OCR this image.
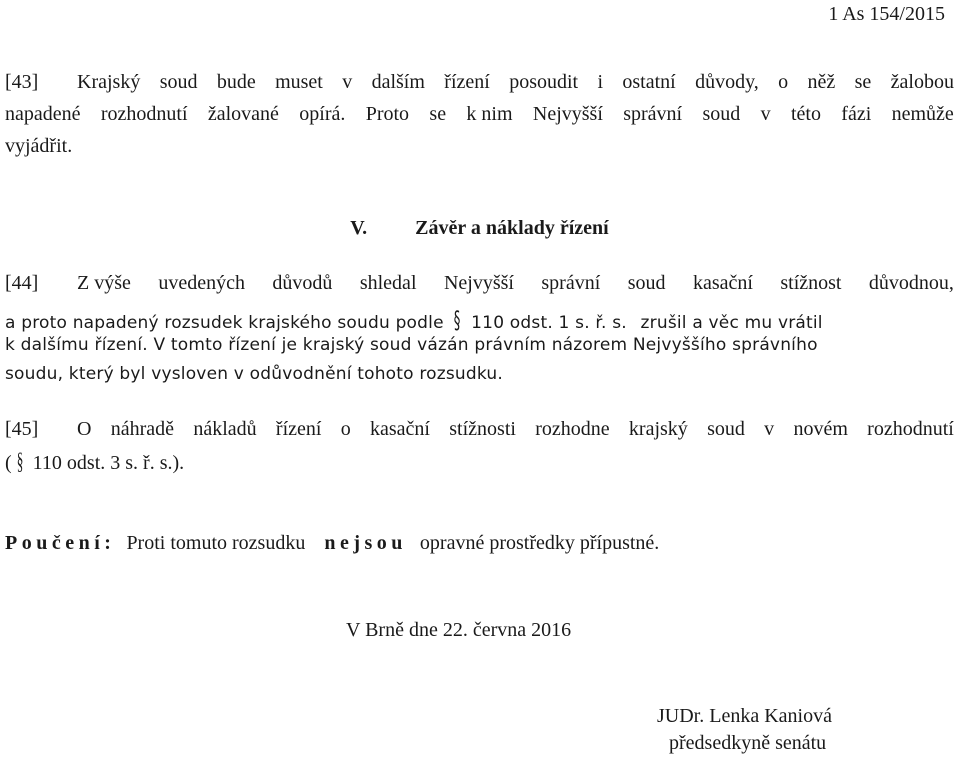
1 As 154/2015
[43] Krajský soud bude muset v dalším řízení posoudit i ostatní důvody, o něž se žalobou
napadené rozhodnutí žalované opírá. Proto se k nim Nejvyšší správní soud v této fázi nemůže
vyjádřit.
V. Závěr a náklady řízení
[44] Z výše uvedených důvodů shledal Nejvyšší správní soud kasační stížnost důvodnou,
a proto napadený rozsudek krajského soudu podle § 110 odst. 1 s. ř. s. zrušil a věc mu vrátil
k dalšímu řízení. V tomto řízení je krajský soud vázán právním názorem Nejvyššího správního
soudu, který byl vysloven v odůvodnění tohoto rozsudku.
[45] O náhradě nákladů řízení o kasační stížnosti rozhodne krajský soud v novém rozhodnutí
( § 110 odst. 3 s. ř. s.).
Poučení: Proti tomuto rozsudku nejsou opravné prostředky přípustné.
V Brně dne 22. června 2016
JUDr. Lenka Kaniová
předsedkyně senátu
